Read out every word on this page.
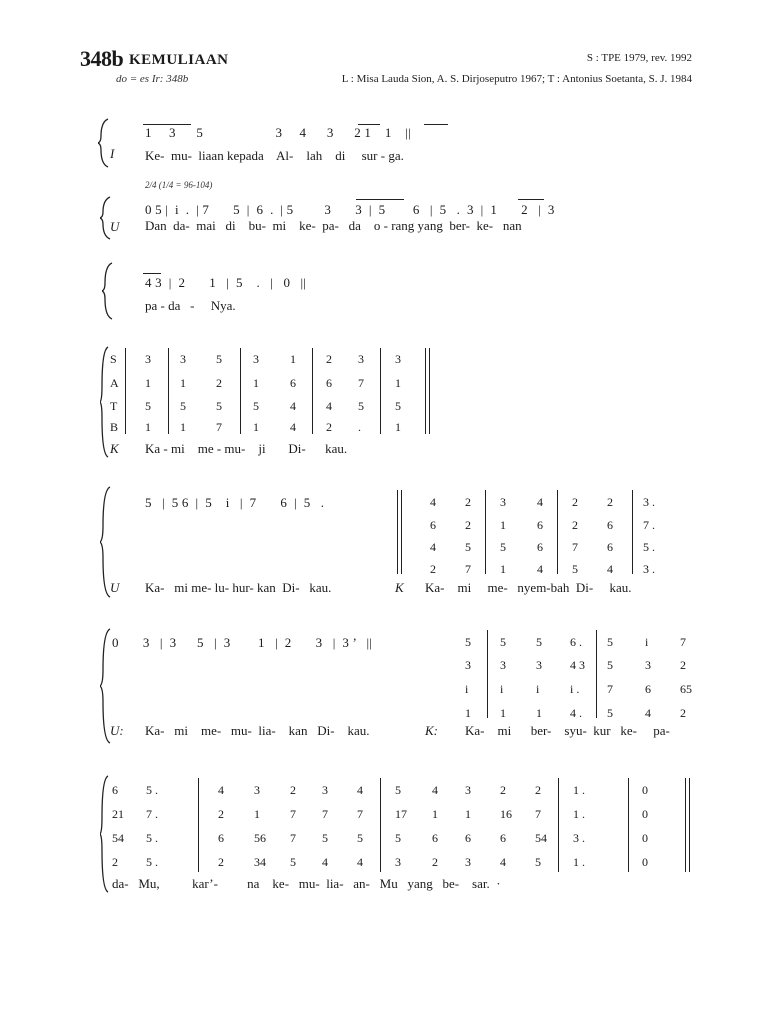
348b KEMULIAAN
do = es Ir: 348b
S : TPE 1979, rev. 1992
L : Misa Lauda Sion, A. S. Dirjoseputro 1967; T : Antonius Soetanta, S. J. 1984
I
1     3      5                     3     4      3      2 1    1    ||
Ke-  mu-  liaan kepada    Al-    lah    di     sur - ga.
2/4 (1/4 = 96-104)
U
0 5 |  i  .  | 7       5  |  6  .  | 5         3       3  |  5        6   |  5   .  3  |  1       2   |  3
Dan  da-  mai   di    bu-  mi    ke-  pa-   da    o - rang yang  ber-  ke-   nan
4 3  |  2       1   |  5    .   |   0   ||
pa - da   -     Nya.
S
A
T
B
3 3	5	3	1	2 3	3
1 1	2	1	6	6 7	1
5 5	5	5	4	4 5	5
1 1	7	1	4	2 .	1
K Ka - mi    me - mu-    ji       Di-      kau.
5   |  5 6  |  5    i   |  7       6  |  5   .	4 2 3	4 2 2	3 .
6 2 1	6 2 6	7 .
4 5 5	6 7 6	5 .
2 7 1	4 5 4	3 .
U Ka-   mi me- lu- hur- kan  Di-   kau.	K Ka-    mi     me-   nyem-bah  Di-     kau.
0       3   |  3      5   |  3        1   |  2       3   |  3 ’   ||	5 5	5 6 . 5	i	7
3 3	3 4 3 5	3 2
i	i	i	i . 7	6 65
1 1	1 4 . 5	4 2
U: Ka-   mi    me-   mu-  lia-    kan   Di-    kau.	K: Ka-    mi      ber-    syu-  kur   ke-     pa-
6 5 .	4	3	2 3 4	5	4 3 2 2	1 .	0
21 7 .	2	1	7 7 7	17 1 1 16 7	1 .	0
54 5 .	6	56 7 5 5	5	6 6 6 54 3 .	0
2 5 .	2	34 5 4 4	3	2 3 4 5	1 .	0
da-   Mu,          kar’-         na    ke-   mu-  lia-   an-   Mu   yang   be-    sar.  ·
